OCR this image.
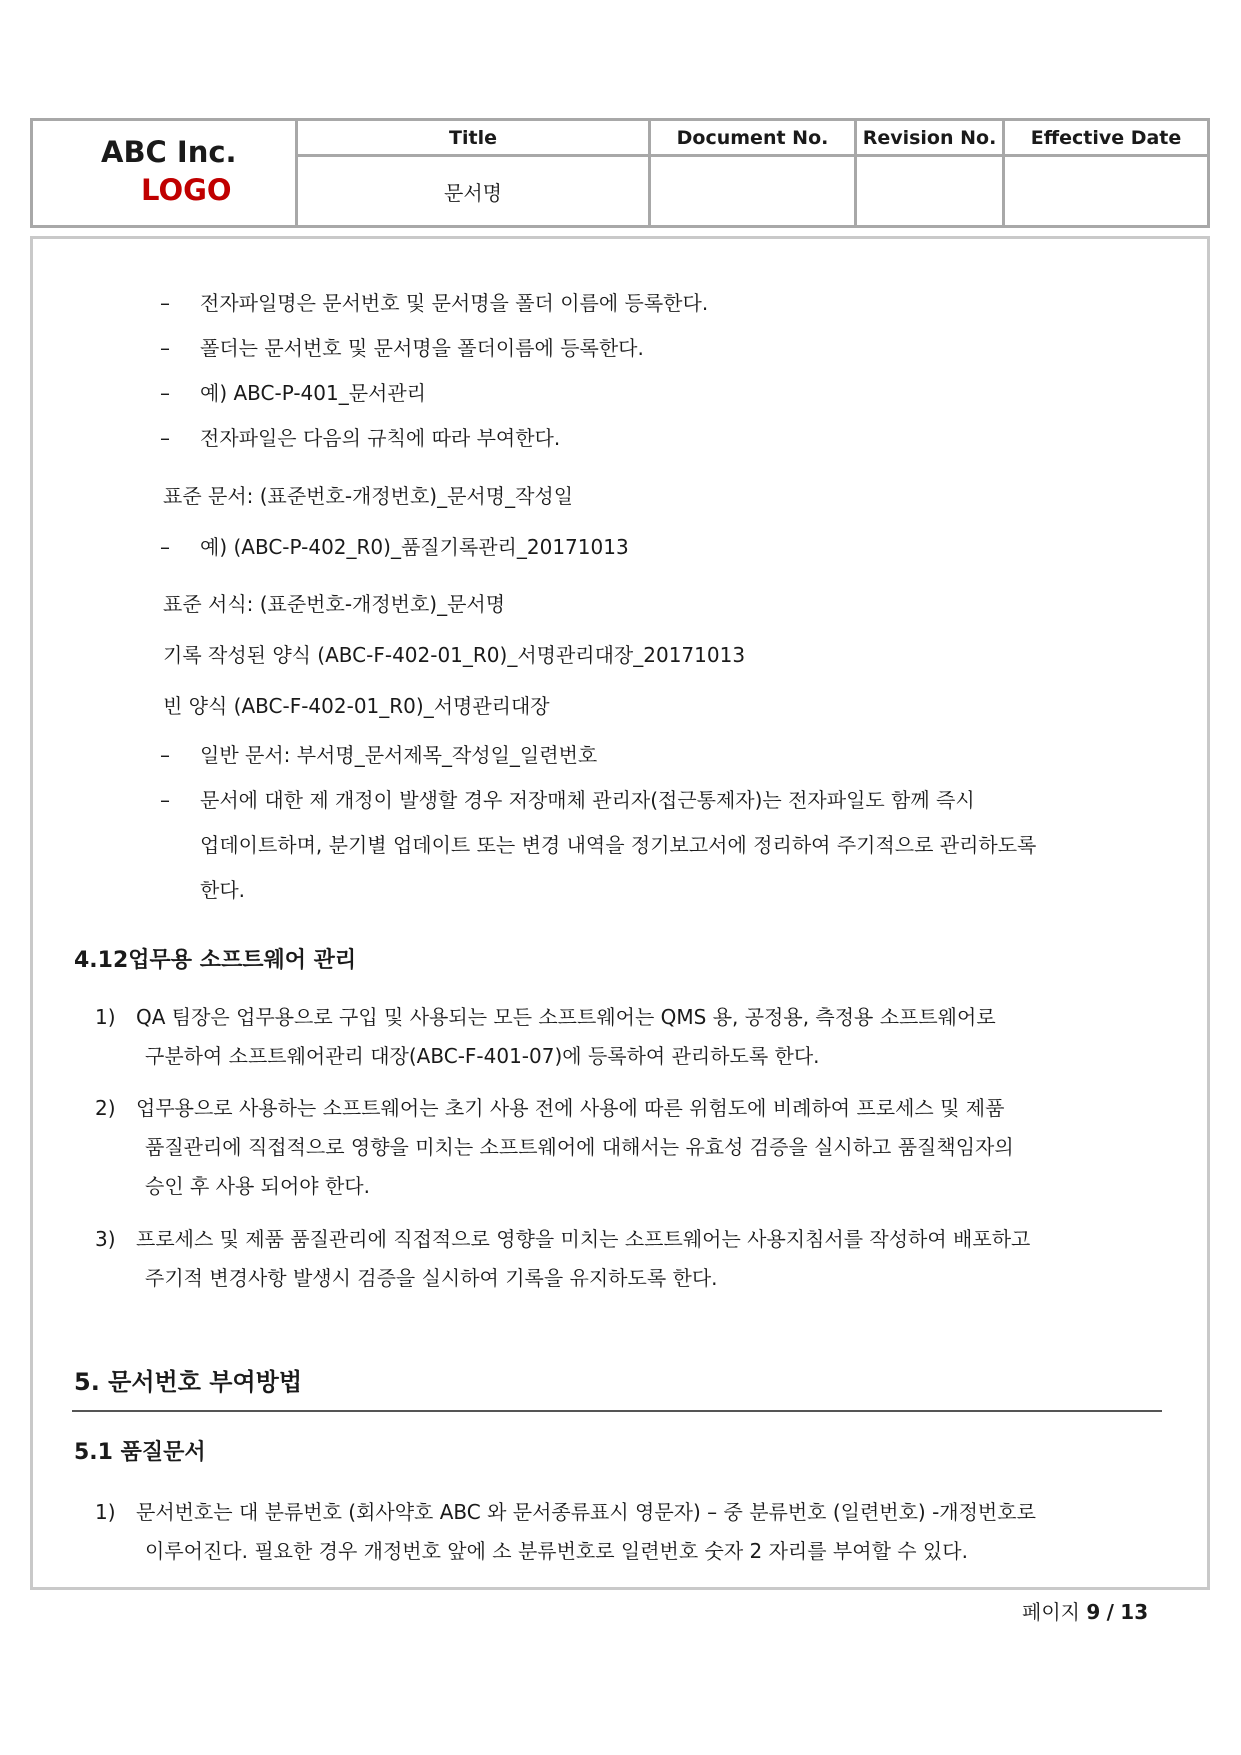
ABC Inc.
LOGO
Title
문서명
Document No.	Revision No.	Effective Date
– 전자파일명은 문서번호 및 문서명을 폴더 이름에 등록한다.
– 폴더는 문서번호 및 문서명을 폴더이름에 등록한다.
– 예) ABC-P-401_문서관리
– 전자파일은 다음의 규칙에 따라 부여한다.
표준 문서: (표준번호-개정번호)_문서명_작성일
– 예) (ABC-P-402_R0)_품질기록관리_20171013
표준 서식: (표준번호-개정번호)_문서명
기록 작성된 양식 (ABC-F-402-01_R0)_서명관리대장_20171013
빈 양식 (ABC-F-402-01_R0)_서명관리대장
– 일반 문서: 부서명_문서제목_작성일_일련번호
– 문서에 대한 제 개정이 발생할 경우 저장매체 관리자(접근통제자)는 전자파일도 함께 즉시
업데이트하며, 분기별 업데이트 또는 변경 내역을 정기보고서에 정리하여 주기적으로 관리하도록
한다.
4.12업무용 소프트웨어 관리
1) QA 팀장은 업무용으로 구입 및 사용되는 모든 소프트웨어는 QMS 용, 공정용, 측정용 소프트웨어로
구분하여 소프트웨어관리 대장(ABC-F-401-07)에 등록하여 관리하도록 한다.
2) 업무용으로 사용하는 소프트웨어는 초기 사용 전에 사용에 따른 위험도에 비례하여 프로세스 및 제품
품질관리에 직접적으로 영향을 미치는 소프트웨어에 대해서는 유효성 검증을 실시하고 품질책임자의
승인 후 사용 되어야 한다.
3) 프로세스 및 제품 품질관리에 직접적으로 영향을 미치는 소프트웨어는 사용지침서를 작성하여 배포하고
주기적 변경사항 발생시 검증을 실시하여 기록을 유지하도록 한다.
5. 문서번호 부여방법
5.1 품질문서
1) 문서번호는 대 분류번호 (회사약호 ABC 와 문서종류표시 영문자) – 중 분류번호 (일련번호) -개정번호로
이루어진다. 필요한 경우 개정번호 앞에 소 분류번호로 일련번호 숫자 2 자리를 부여할 수 있다.
페이지 9 / 13
